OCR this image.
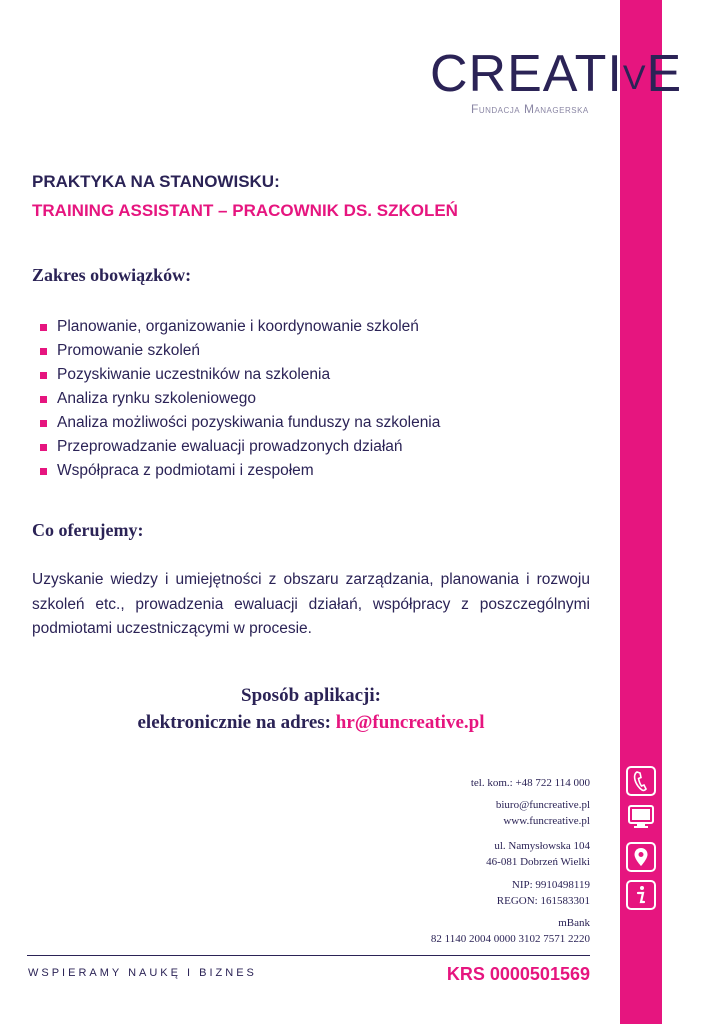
CREATIVE
Fundacja Managerska
PRAKTYKA NA STANOWISKU:
TRAINING ASSISTANT – PRACOWNIK DS. SZKOLEŃ
Zakres obowiązków:
Planowanie, organizowanie i koordynowanie szkoleń
Promowanie szkoleń
Pozyskiwanie uczestników na szkolenia
Analiza rynku szkoleniowego
Analiza możliwości pozyskiwania funduszy na szkolenia
Przeprowadzanie ewaluacji prowadzonych działań
Współpraca z podmiotami i zespołem
Co oferujemy:

Uzyskanie wiedzy i umiejętności z obszaru zarządzania, planowania i rozwoju szkoleń etc., prowadzenia ewaluacji działań, współpracy z poszczególnymi podmiotami uczestniczącymi w procesie.

Sposób aplikacji:
elektronicznie na adres: hr@funcreative.pl
tel. kom.: +48 722 114 000
biuro@funcreative.pl
www.funcreative.pl
ul. Namysłowska 104
46-081 Dobrzeń Wielki
NIP: 9910498119
REGON: 161583301
mBank
82 1140 2004 0000 3102 7571 2220
WSPIERAMY NAUKĘ I BIZNES	KRS 0000501569
